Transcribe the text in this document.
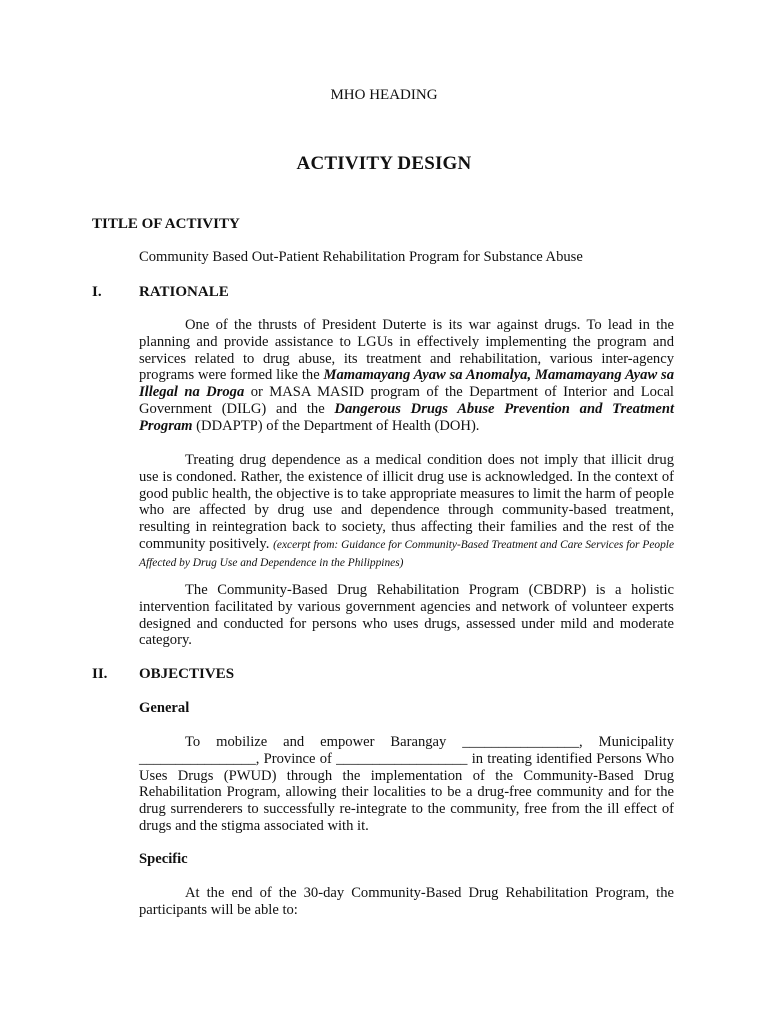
MHO HEADING
ACTIVITY DESIGN
TITLE OF ACTIVITY
Community Based Out-Patient Rehabilitation Program for Substance Abuse
I. RATIONALE

One of the thrusts of President Duterte is its war against drugs. To lead in the planning and provide assistance to LGUs in effectively implementing the program and services related to drug abuse, its treatment and rehabilitation, various inter-agency programs were formed like the Mamamayang Ayaw sa Anomalya, Mamamayang Ayaw sa Illegal na Droga or MASA MASID program of the Department of Interior and Local Government (DILG) and the Dangerous Drugs Abuse Prevention and Treatment Program (DDAPTP) of the Department of Health (DOH).

Treating drug dependence as a medical condition does not imply that illicit drug use is condoned. Rather, the existence of illicit drug use is acknowledged. In the context of good public health, the objective is to take appropriate measures to limit the harm of people who are affected by drug use and dependence through community-based treatment, resulting in reintegration back to society, thus affecting their families and the rest of the community positively. (excerpt from: Guidance for Community-Based Treatment and Care Services for People Affected by Drug Use and Dependence in the Philippines)

The Community-Based Drug Rehabilitation Program (CBDRP) is a holistic intervention facilitated by various government agencies and network of volunteer experts designed and conducted for persons who uses drugs, assessed under mild and moderate category.

II. OBJECTIVES
General

To mobilize and empower Barangay ________________, Municipality ________________, Province of __________________ in treating identified Persons Who Uses Drugs (PWUD) through the implementation of the Community-Based Drug Rehabilitation Program, allowing their localities to be a drug-free community and for the drug surrenderers to successfully re-integrate to the community, free from the ill effect of drugs and the stigma associated with it.

Specific

At the end of the 30-day Community-Based Drug Rehabilitation Program, the participants will be able to:
